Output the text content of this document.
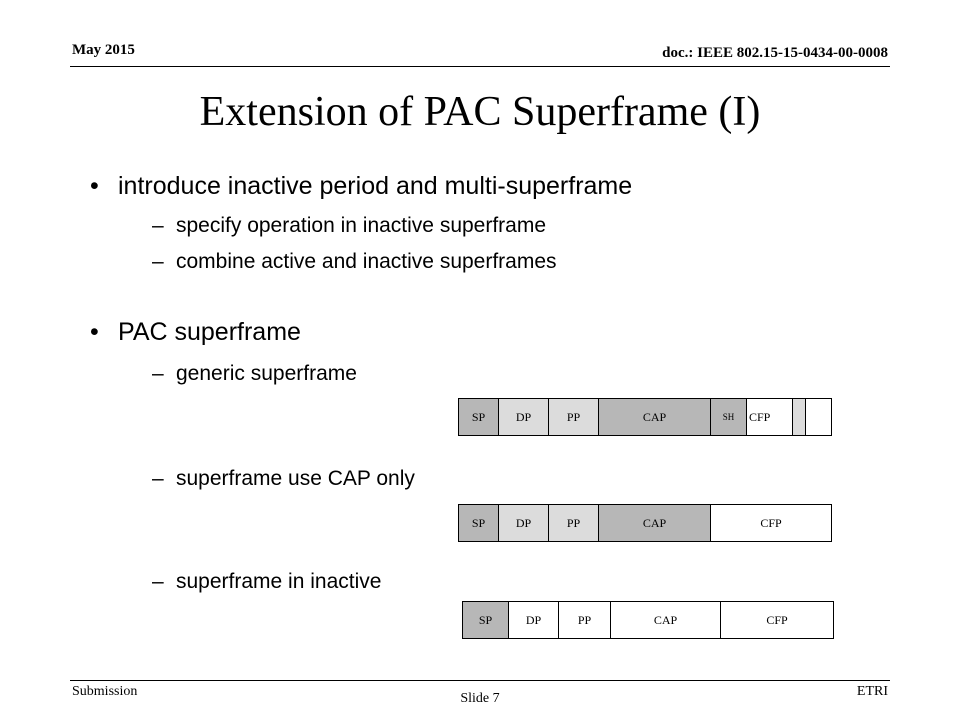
May 2015	doc.: IEEE 802.15-15-0434-00-0008
Extension of PAC Superframe (I)
• introduce inactive period and multi-superframe
– specify operation in inactive superframe
– combine active and inactive superframes
• PAC superframe
– generic superframe
SP	DP	PP	CAP	SH	CFP
– superframe use CAP only
SP	DP	PP	CAP	CFP
– superframe in inactive
SP	DP	PP	CAP	CFP
Submission	Slide 7	ETRI
